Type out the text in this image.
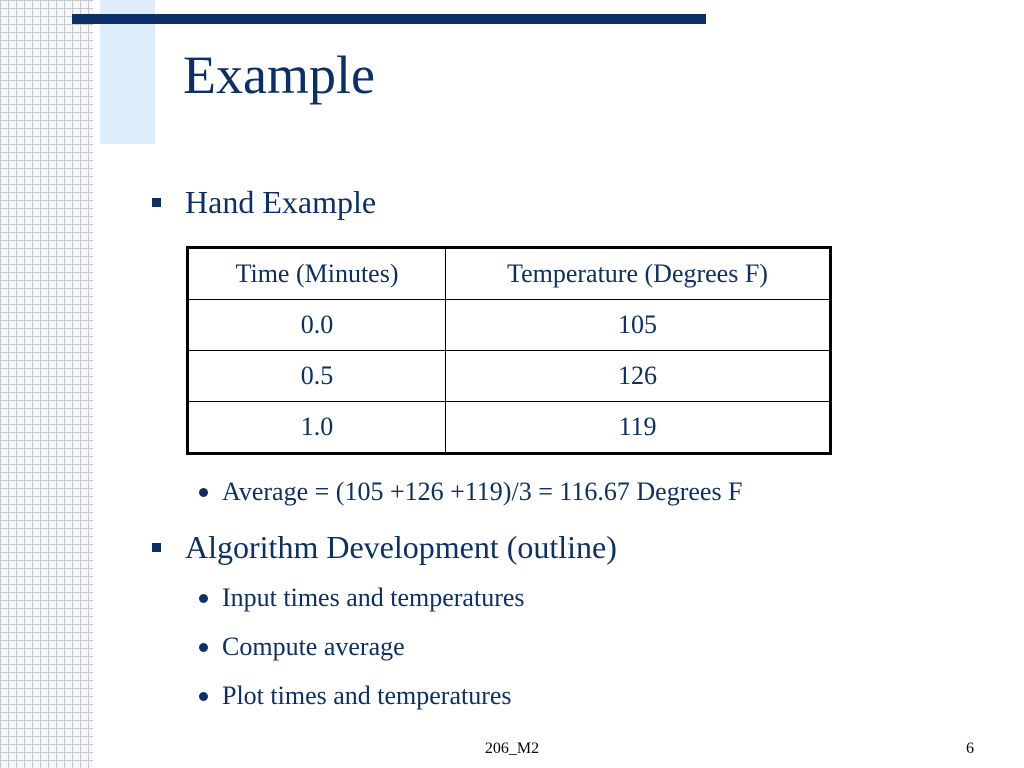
Example
Hand Example
Time (Minutes)	Temperature (Degrees F)
0.0	105
0.5	126
1.0	119
Average = (105 +126 +119)/3 = 116.67 Degrees F
Algorithm Development (outline)
Input times and temperatures
Compute average
Plot times and temperatures
206_M2	6
